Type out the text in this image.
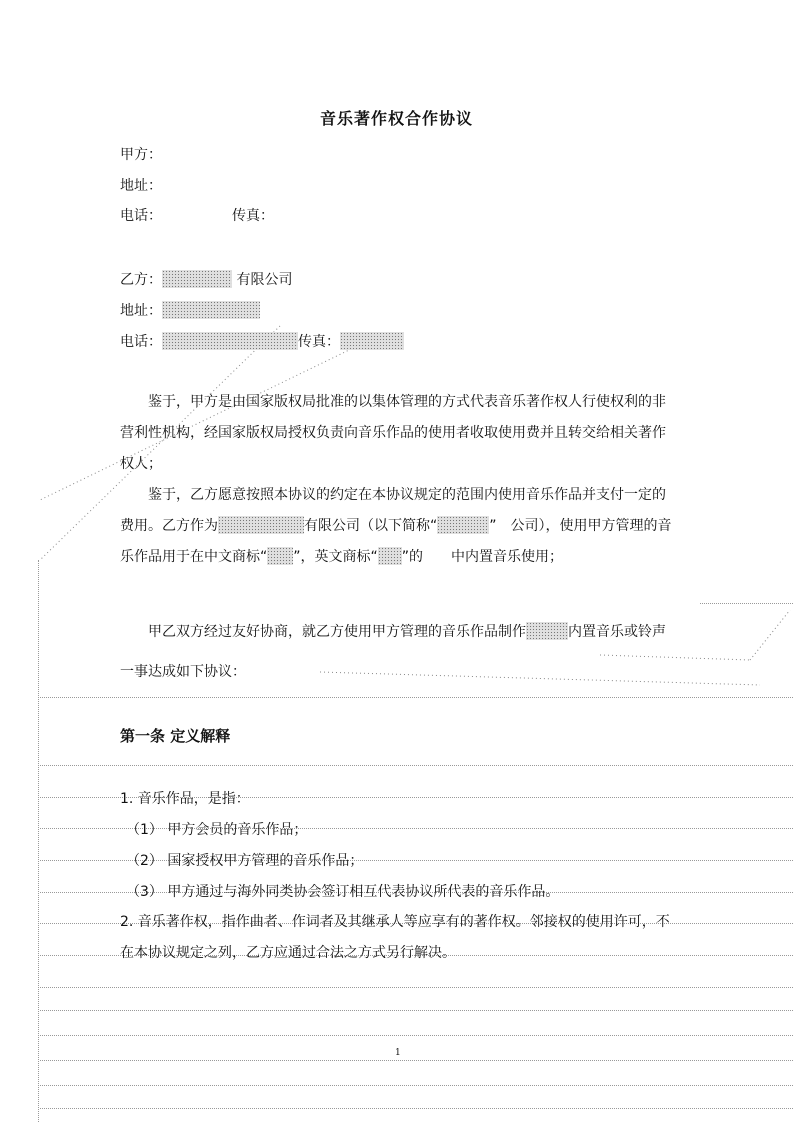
音乐著作权合作协议
甲方：
地址：
电话：	传真：
乙方：	有限公司
地址：
电话：	传真：
鉴于，甲方是由国家版权局批准的以集体管理的方式代表音乐著作权人行使权利的非营利性机构，经国家版权局授权负责向音乐作品的使用者收取使用费并且转交给相关著作权人；
鉴于，乙方愿意按照本协议的约定在本协议规定的范围内使用音乐作品并支付一定的费用。乙方作为	有限公司（以下简称“	”　公司），使用甲方管理的音乐作品用于在中文商标“ ”，英文商标“ ”的　　中内置音乐使用；
甲乙双方经过友好协商，就乙方使用甲方管理的音乐作品制作	内置音乐或铃声一事达成如下协议：
第一条 定义解释
1. 音乐作品，是指：
（1） 甲方会员的音乐作品；
（2） 国家授权甲方管理的音乐作品；
（3） 甲方通过与海外同类协会签订相互代表协议所代表的音乐作品。
2. 音乐著作权，指作曲者、作词者及其继承人等应享有的著作权。邻接权的使用许可，不在本协议规定之列，乙方应通过合法之方式另行解决。
1
